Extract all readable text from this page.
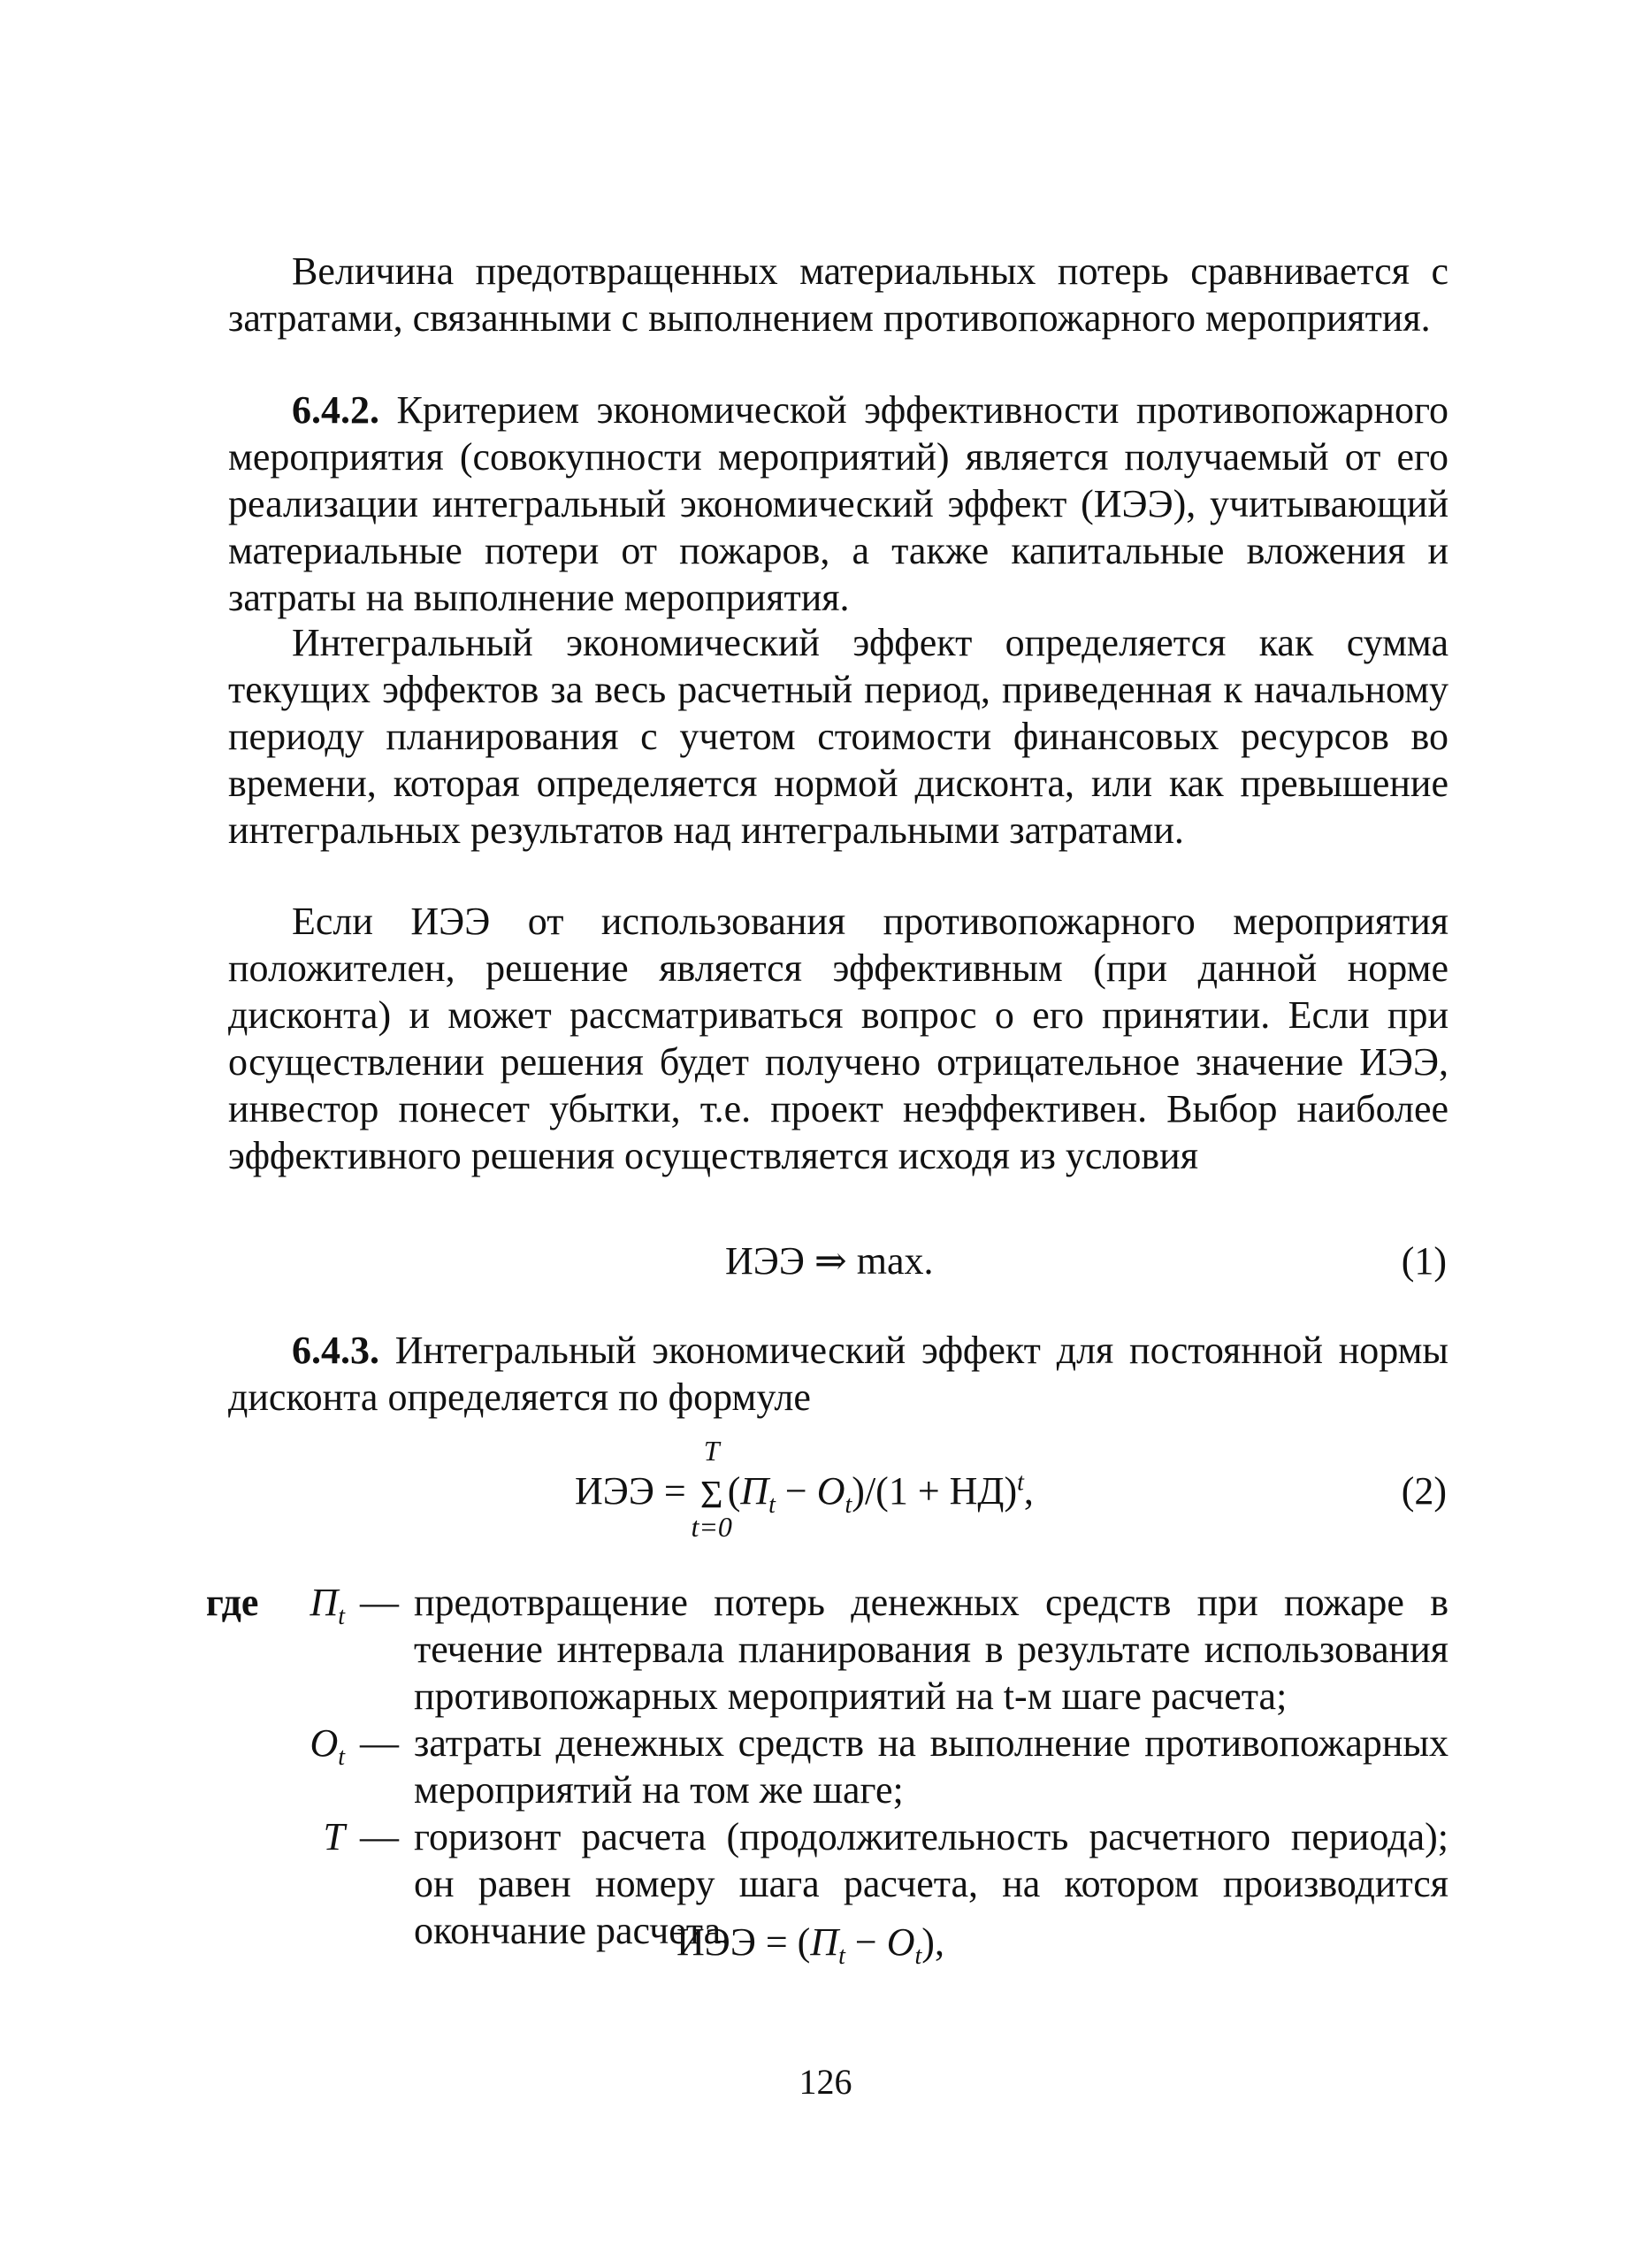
Величина предотвращенных материальных потерь сравнивается с затратами, связанными с выполнением противопожарного мероприятия.

6.4.2. Критерием экономической эффективности противопожарного мероприятия (совокупности мероприятий) является получаемый от его реализации интегральный экономический эффект (ИЭЭ), учитывающий материальные потери от пожаров, а также капитальные вложения и затраты на выполнение мероприятия.

Интегральный экономический эффект определяется как сумма текущих эффектов за весь расчетный период, приведенная к начальному периоду планирования с учетом стоимости финансовых ресурсов во времени, которая определяется нормой дисконта, или как превышение интегральных результатов над интегральными затратами.

Если ИЭЭ от использования противопожарного мероприятия положителен, решение является эффективным (при данной норме дисконта) и может рассматриваться вопрос о его принятии. Если при осуществлении решения будет получено отрицательное значение ИЭЭ, инвестор понесет убытки, т.е. проект неэффективен. Выбор наиболее эффективного решения осуществляется исходя из условия

ИЭЭ ⇒ max.	(1)

6.4.3. Интегральный экономический эффект для постоянной нормы дисконта определяется по формуле

ИЭЭ =
T
Σ
t=0
$(П_t - О_t)/(1 + НД)^t$,	(2)
где $П_t$ — предотвращение потерь денежных средств при пожаре в течение интервала планирования в результате использования противопожарных мероприятий на t-м шаге расчета;
$О_t$ — затраты денежных средств на выполнение противопожарных мероприятий на том же шаге;
T — горизонт расчета (продолжительность расчетного периода); он равен номеру шага расчета, на котором производится окончание расчета.
ИЭЭ = $(П_t - О_t)$,
126
